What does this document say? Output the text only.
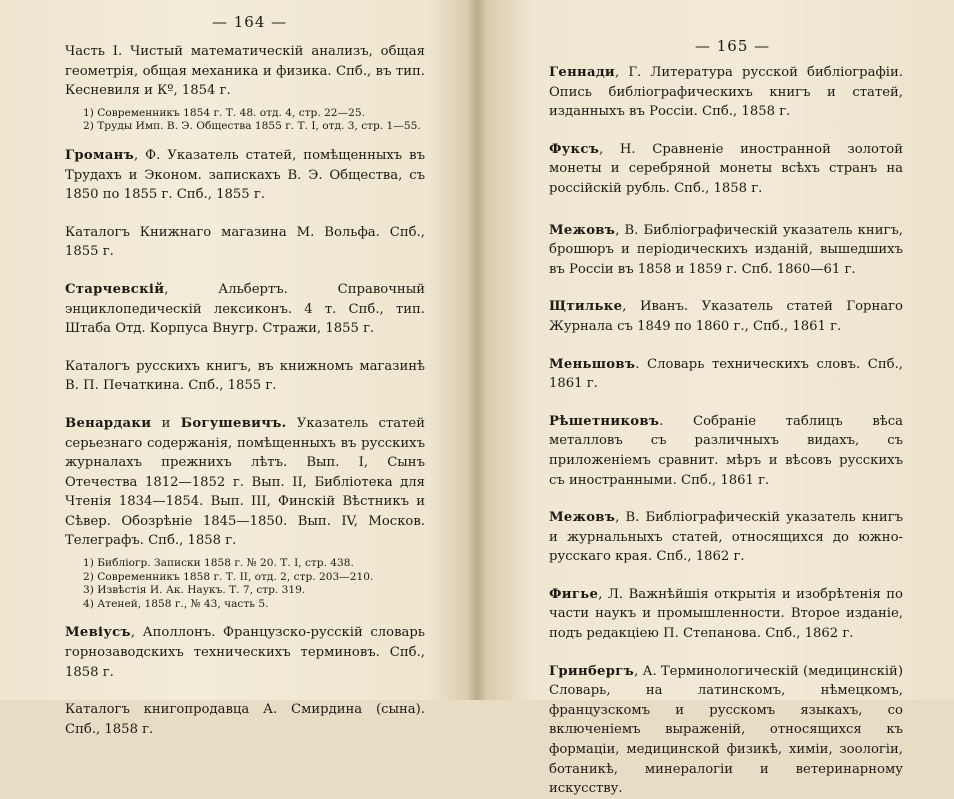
— 164 —

Часть I. Чистый математическій анализъ, общая геометрія, общая механика и физика. Спб., въ тип. Кесневиля и Кº, 1854 г.

1) Современникъ 1854 г. Т. 48. отд. 4, стр. 22—25.
2) Труды Имп. В. Э. Общества 1855 г. Т. I, отд. 3, стр. 1—55.

Громанъ, Ф. Указатель статей, помѣщенныхъ въ Трудахъ и Эконом. запискахъ В. Э. Общества, съ 1850 по 1855 г. Спб., 1855 г.

Каталогъ Книжнаго магазина М. Вольфа. Спб., 1855 г.

Старчевскій, Альбертъ. Справочный энциклопедическій лексиконъ. 4 т. Спб., тип. Штаба Отд. Корпуса Внугр. Стражи, 1855 г.

Каталогъ русскихъ книгъ, въ книжномъ магазинѣ В. П. Печаткина. Спб., 1855 г.

Венардаки и Богушевичъ. Указатель статей серьезнаго содержанія, помѣщенныхъ въ русскихъ журналахъ прежнихъ лѣтъ. Вып. I, Сынъ Отечества 1812—1852 г. Вып. II, Библіотека для Чтенія 1834—1854. Вып. III, Финскій Вѣстникъ и Сѣвер. Обозрѣніе 1845—1850. Вып. IV, Москов. Телеграфъ. Спб., 1858 г.

1) Библіогр. Записки 1858 г. № 20. Т. I, стр. 438.
2) Современникъ 1858 г. Т. II, отд. 2, стр. 203—210.
3) Извѣстія И. Ак. Наукъ. Т. 7, стр. 319.
4) Атеней, 1858 г., № 43, часть 5.

Мевіусъ, Аполлонъ. Французско-русскій словарь горнозаводскихъ техническихъ терминовъ. Спб., 1858 г.

Каталогъ книгопродавца А. Смирдина (сына). Спб., 1858 г.

— 165 —

Геннади, Г. Литература русской библіографіи. Опись библіографическихъ книгъ и статей, изданныхъ въ Россіи. Спб., 1858 г.

Фуксъ, Н. Сравненіе иностранной золотой монеты и серебряной монеты всѣхъ странъ на россійскій рубль. Спб., 1858 г.

Межовъ, В. Библіографическій указатель книгъ, брошюръ и періодическихъ изданій, вышедшихъ въ Россіи въ 1858 и 1859 г. Спб. 1860—61 г.

Щтильке, Иванъ. Указатель статей Горнаго Журнала съ 1849 по 1860 г., Спб., 1861 г.

Меньшовъ. Словарь техническихъ словъ. Спб., 1861 г.

Рѣшетниковъ. Собраніе таблицъ вѣса металловъ съ различныхъ видахъ, съ приложеніемъ сравнит. мѣръ и вѣсовъ русскихъ съ иностранными. Спб., 1861 г.

Межовъ, В. Библіографическій указатель книгъ и журнальныхъ статей, относящихся до южно-русскаго края. Спб., 1862 г.

Фигье, Л. Важнѣйшія открытія и изобрѣтенія по части наукъ и промышленности. Второе изданіе, подъ редакціею П. Степанова. Спб., 1862 г.

Гринбергъ, А. Терминологическій (медицинскій) Словарь, на латинскомъ, нѣмецкомъ, французскомъ и русскомъ языкахъ, со включеніемъ выраженій, относящихся къ формаціи, медицинской физикѣ, химіи, зоологіи, ботаникѣ, минералогіи и ветеринарному искусству.
